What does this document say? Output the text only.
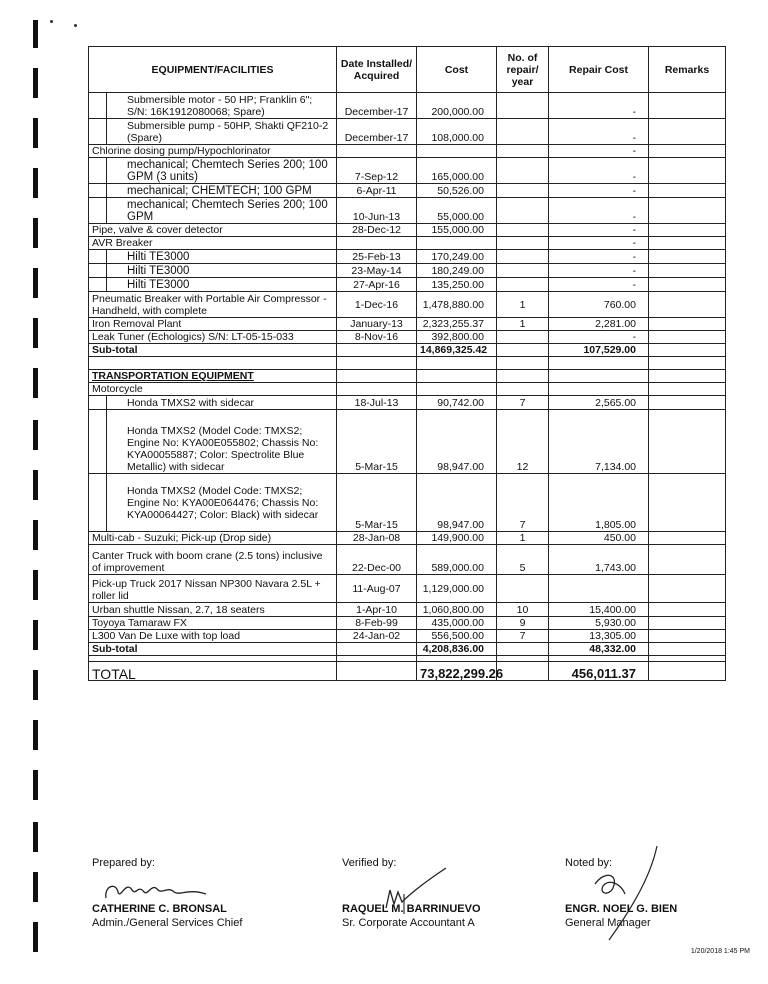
EQUIPMENT/FACILITIES		Date Installed/ Acquired	Cost	No. of repair/ year	Repair Cost	Remarks
	Submersible motor - 50 HP; Franklin 6"; S/N: 16K1912080068; Spare)	December-17	200,000.00		-	
	Submersible pump - 50HP, Shakti QF210-2 (Spare)	December-17	108,000.00		-	
Chlorine dosing pump/Hypochlorinator					-	
	mechanical; Chemtech Series 200; 100 GPM (3 units)	7-Sep-12	165,000.00		-	
	mechanical; CHEMTECH; 100 GPM	6-Apr-11	50,526.00		-	
	mechanical; Chemtech Series 200; 100 GPM	10-Jun-13	55,000.00		-	
Pipe, valve & cover detector		28-Dec-12	155,000.00		-	
AVR Breaker					-	
	Hilti TE3000	25-Feb-13	170,249.00		-	
	Hilti TE3000	23-May-14	180,249.00		-	
	Hilti TE3000	27-Apr-16	135,250.00		-	
Pneumatic Breaker with Portable Air Compressor - Handheld, with complete		1-Dec-16	1,478,880.00	1	760.00	
Iron Removal Plant		January-13	2,323,255.37	1	2,281.00	
Leak Tuner (Echologics) S/N: LT-05-15-033		8-Nov-16	392,800.00		-	
Sub-total			14,869,325.42		107,529.00	

TRANSPORTATION EQUIPMENT						
Motorcycle						
	Honda TMXS2 with sidecar	18-Jul-13	90,742.00	7	2,565.00	
	Honda TMXS2 (Model Code: TMXS2; Engine No: KYA00E055802; Chassis No: KYA00055887; Color: Spectrolite Blue Metallic) with sidecar	5-Mar-15	98,947.00	12	7,134.00	
	Honda TMXS2 (Model Code: TMXS2; Engine No: KYA00E064476; Chassis No: KYA00064427; Color: Black) with sidecar	5-Mar-15	98,947.00	7	1,805.00	
Multi-cab - Suzuki; Pick-up (Drop side)		28-Jan-08	149,900.00	1	450.00	
Canter Truck with boom crane (2.5 tons) inclusive of improvement		22-Dec-00	589,000.00	5	1,743.00	
Pick-up Truck 2017 Nissan NP300 Navara 2.5L + roller lid		11-Aug-07	1,129,000.00			
Urban shuttle Nissan, 2.7, 18 seaters		1-Apr-10	1,060,800.00	10	15,400.00	
Toyoya Tamaraw FX		8-Feb-99	435,000.00	9	5,930.00	
L300 Van De Luxe with top load		24-Jan-02	556,500.00	7	13,305.00	
Sub-total			4,208,836.00		48,332.00	

TOTAL			73,822,299.26		456,011.37	
Prepared by:
CATHERINE C. BRONSAL
Admin./General Services Chief
Verified by:
RAQUEL M. BARRINUEVO
Sr. Corporate Accountant A
Noted by:
ENGR. NOEL G. BIEN
General Manager
1/20/2018 1:45 PM
